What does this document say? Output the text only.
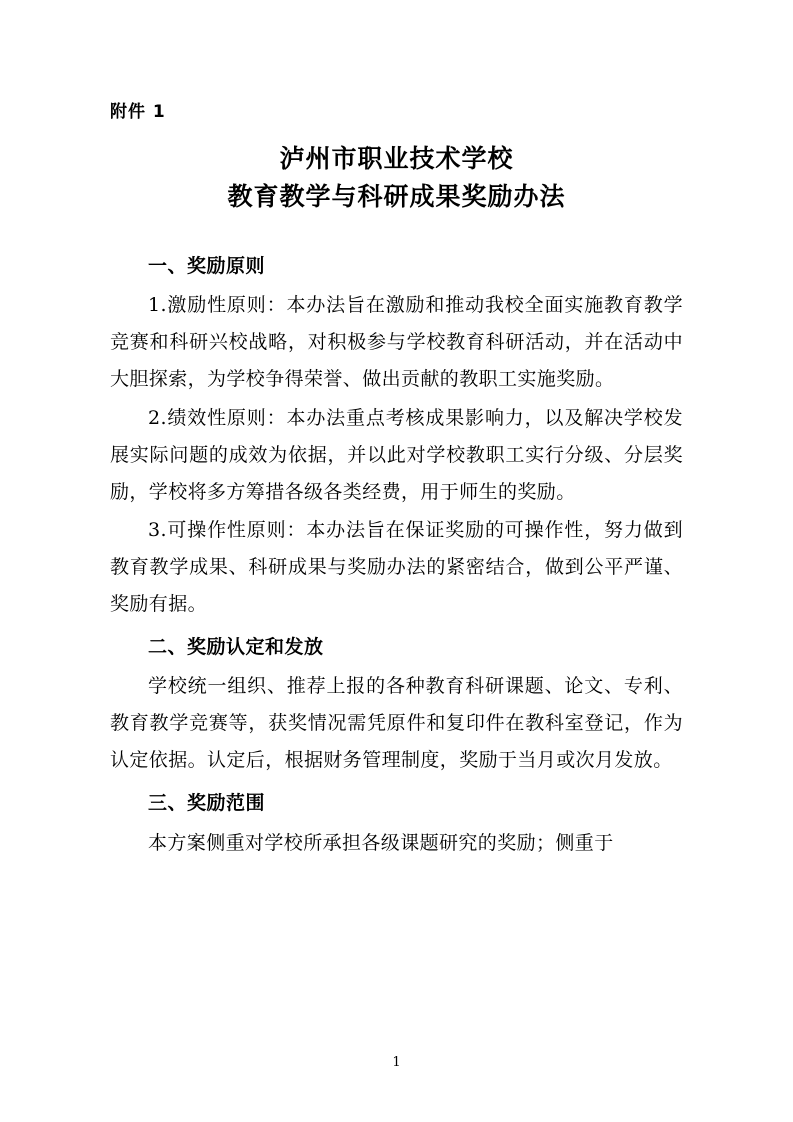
附件 1
泸州市职业技术学校
教育教学与科研成果奖励办法
一、奖励原则

1.激励性原则：本办法旨在激励和推动我校全面实施教育教学竞赛和科研兴校战略，对积极参与学校教育科研活动，并在活动中大胆探索，为学校争得荣誉、做出贡献的教职工实施奖励。

2.绩效性原则：本办法重点考核成果影响力，以及解决学校发展实际问题的成效为依据，并以此对学校教职工实行分级、分层奖励，学校将多方筹措各级各类经费，用于师生的奖励。

3.可操作性原则：本办法旨在保证奖励的可操作性，努力做到教育教学成果、科研成果与奖励办法的紧密结合，做到公平严谨、奖励有据。

二、奖励认定和发放

学校统一组织、推荐上报的各种教育科研课题、论文、专利、教育教学竞赛等，获奖情况需凭原件和复印件在教科室登记，作为认定依据。认定后，根据财务管理制度，奖励于当月或次月发放。

三、奖励范围

本方案侧重对学校所承担各级课题研究的奖励；侧重于

1
